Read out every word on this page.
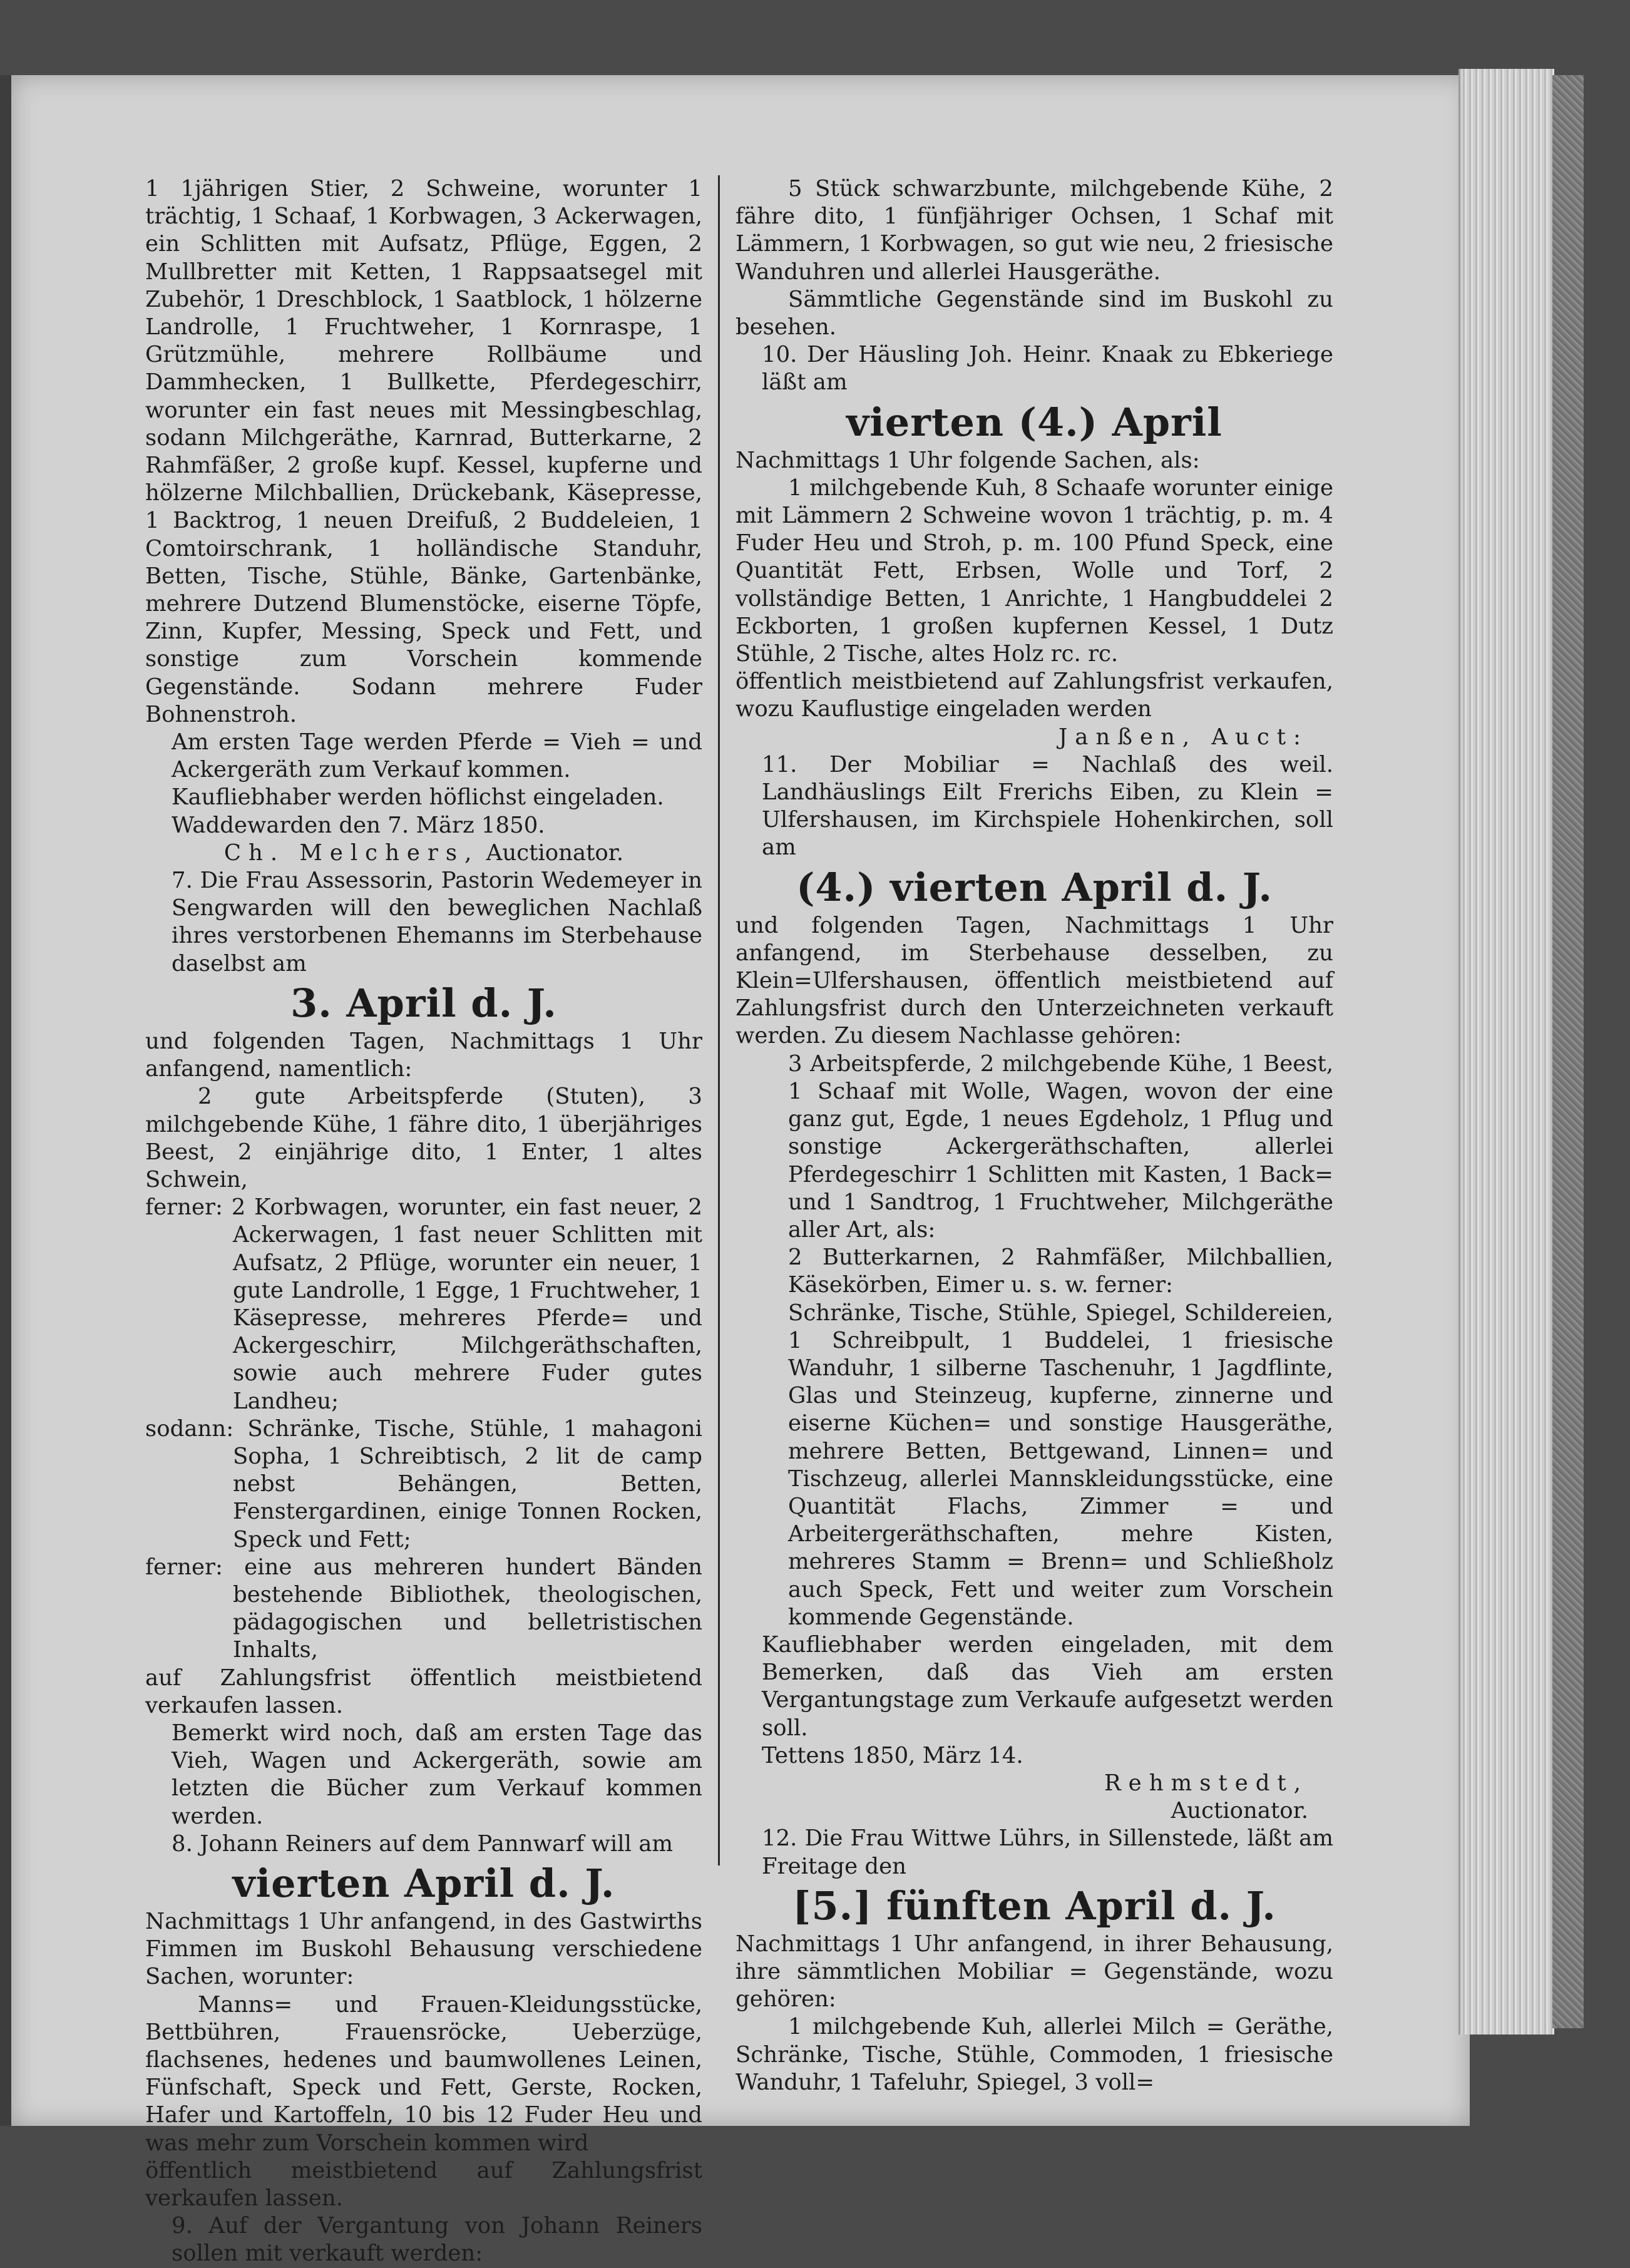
1 1jährigen Stier, 2 Schweine, worunter 1 trächtig, 1 Schaaf, 1 Korbwagen, 3 Ackerwagen, ein Schlitten mit Aufsatz, Pflüge, Eggen, 2 Mullbretter mit Ketten, 1 Rappsaatsegel mit Zubehör, 1 Dreschblock, 1 Saatblock, 1 hölzerne Landrolle, 1 Fruchtweher, 1 Kornraspe, 1 Grützmühle, mehrere Rollbäume und Dammhecken, 1 Bullkette, Pferdegeschirr, worunter ein fast neues mit Messingbeschlag, sodann Milchgeräthe, Karnrad, Butterkarne, 2 Rahmfäßer, 2 große kupf. Kessel, kupferne und hölzerne Milchballien, Drückebank, Käsepresse, 1 Backtrog, 1 neuen Dreifuß, 2 Buddeleien, 1 Comtoirschrank, 1 holländische Standuhr, Betten, Tische, Stühle, Bänke, Gartenbänke, mehrere Dutzend Blumenstöcke, eiserne Töpfe, Zinn, Kupfer, Messing, Speck und Fett, und sonstige zum Vorschein kommende Gegenstände. Sodann mehrere Fuder Bohnenstroh.

Am ersten Tage werden Pferde = Vieh = und Ackergeräth zum Verkauf kommen.

Kaufliebhaber werden höflichst eingeladen.

Waddewarden den 7. März 1850.

Ch. Melchers, Auctionator.

7. Die Frau Assessorin, Pastorin Wedemeyer in Sengwarden will den beweglichen Nachlaß ihres verstorbenen Ehemanns im Sterbehause daselbst am

3. April d. J.

und folgenden Tagen, Nachmittags 1 Uhr anfangend, namentlich:

2 gute Arbeitspferde (Stuten), 3 milchgebende Kühe, 1 fähre dito, 1 überjähriges Beest, 2 einjährige dito, 1 Enter, 1 altes Schwein,

ferner: 2 Korbwagen, worunter, ein fast neuer, 2 Ackerwagen, 1 fast neuer Schlitten mit Aufsatz, 2 Pflüge, worunter ein neuer, 1 gute Landrolle, 1 Egge, 1 Fruchtweher, 1 Käsepresse, mehreres Pferde= und Ackergeschirr, Milchgeräthschaften, sowie auch mehrere Fuder gutes Landheu;

sodann: Schränke, Tische, Stühle, 1 mahagoni Sopha, 1 Schreibtisch, 2 lit de camp nebst Behängen, Betten, Fenstergardinen, einige Tonnen Rocken, Speck und Fett;

ferner: eine aus mehreren hundert Bänden bestehende Bibliothek, theologischen, pädagogischen und belletristischen Inhalts,

auf Zahlungsfrist öffentlich meistbietend verkaufen lassen.

Bemerkt wird noch, daß am ersten Tage das Vieh, Wagen und Ackergeräth, sowie am letzten die Bücher zum Verkauf kommen werden.

8. Johann Reiners auf dem Pannwarf will am

vierten April d. J.

Nachmittags 1 Uhr anfangend, in des Gastwirths Fimmen im Buskohl Behausung verschiedene Sachen, worunter:

Manns= und Frauen-Kleidungsstücke, Bettbühren, Frauensröcke, Ueberzüge, flachsenes, hedenes und baumwollenes Leinen, Fünfschaft, Speck und Fett, Gerste, Rocken, Hafer und Kartoffeln, 10 bis 12 Fuder Heu und was mehr zum Vorschein kommen wird

öffentlich meistbietend auf Zahlungsfrist verkaufen lassen.

9. Auf der Vergantung von Johann Reiners sollen mit verkauft werden:

5 Stück schwarzbunte, milchgebende Kühe, 2 fähre dito, 1 fünfjähriger Ochsen, 1 Schaf mit Lämmern, 1 Korbwagen, so gut wie neu, 2 friesische Wanduhren und allerlei Hausgeräthe.

Sämmtliche Gegenstände sind im Buskohl zu besehen.

10. Der Häusling Joh. Heinr. Knaak zu Ebkeriege läßt am

vierten (4.) April

Nachmittags 1 Uhr folgende Sachen, als:

1 milchgebende Kuh, 8 Schaafe worunter einige mit Lämmern 2 Schweine wovon 1 trächtig, p. m. 4 Fuder Heu und Stroh, p. m. 100 Pfund Speck, eine Quantität Fett, Erbsen, Wolle und Torf, 2 vollständige Betten, 1 Anrichte, 1 Hangbuddelei 2 Eckborten, 1 großen kupfernen Kessel, 1 Dutz Stühle, 2 Tische, altes Holz rc. rc.

öffentlich meistbietend auf Zahlungsfrist verkaufen, wozu Kauflustige eingeladen werden

Janßen, Auct:

11. Der Mobiliar = Nachlaß des weil. Landhäuslings Eilt Frerichs Eiben, zu Klein = Ulfershausen, im Kirchspiele Hohenkirchen, soll am

(4.) vierten April d. J.

und folgenden Tagen, Nachmittags 1 Uhr anfangend, im Sterbehause desselben, zu Klein=Ulfershausen, öffentlich meistbietend auf Zahlungsfrist durch den Unterzeichneten verkauft werden. Zu diesem Nachlasse gehören:

3 Arbeitspferde, 2 milchgebende Kühe, 1 Beest, 1 Schaaf mit Wolle, Wagen, wovon der eine ganz gut, Egde, 1 neues Egdeholz, 1 Pflug und sonstige Ackergeräthschaften, allerlei Pferdegeschirr 1 Schlitten mit Kasten, 1 Back= und 1 Sandtrog, 1 Fruchtweher, Milchgeräthe aller Art, als:

2 Butterkarnen, 2 Rahmfäßer, Milchballien, Käsekörben, Eimer u. s. w. ferner:

Schränke, Tische, Stühle, Spiegel, Schildereien, 1 Schreibpult, 1 Buddelei, 1 friesische Wanduhr, 1 silberne Taschenuhr, 1 Jagdflinte, Glas und Steinzeug, kupferne, zinnerne und eiserne Küchen= und sonstige Hausgeräthe, mehrere Betten, Bettgewand, Linnen= und Tischzeug, allerlei Mannskleidungsstücke, eine Quantität Flachs, Zimmer = und Arbeitergeräthschaften, mehre Kisten, mehreres Stamm = Brenn= und Schließholz auch Speck, Fett und weiter zum Vorschein kommende Gegenstände.

Kaufliebhaber werden eingeladen, mit dem Bemerken, daß das Vieh am ersten Vergantungstage zum Verkaufe aufgesetzt werden soll.

Tettens 1850, März 14.

Rehmstedt,

Auctionator.

12. Die Frau Wittwe Lührs, in Sillenstede, läßt am Freitage den

[5.] fünften April d. J.

Nachmittags 1 Uhr anfangend, in ihrer Behausung, ihre sämmtlichen Mobiliar = Gegenstände, wozu gehören:

1 milchgebende Kuh, allerlei Milch = Geräthe, Schränke, Tische, Stühle, Commoden, 1 friesische Wanduhr, 1 Tafeluhr, Spiegel, 3 voll=
